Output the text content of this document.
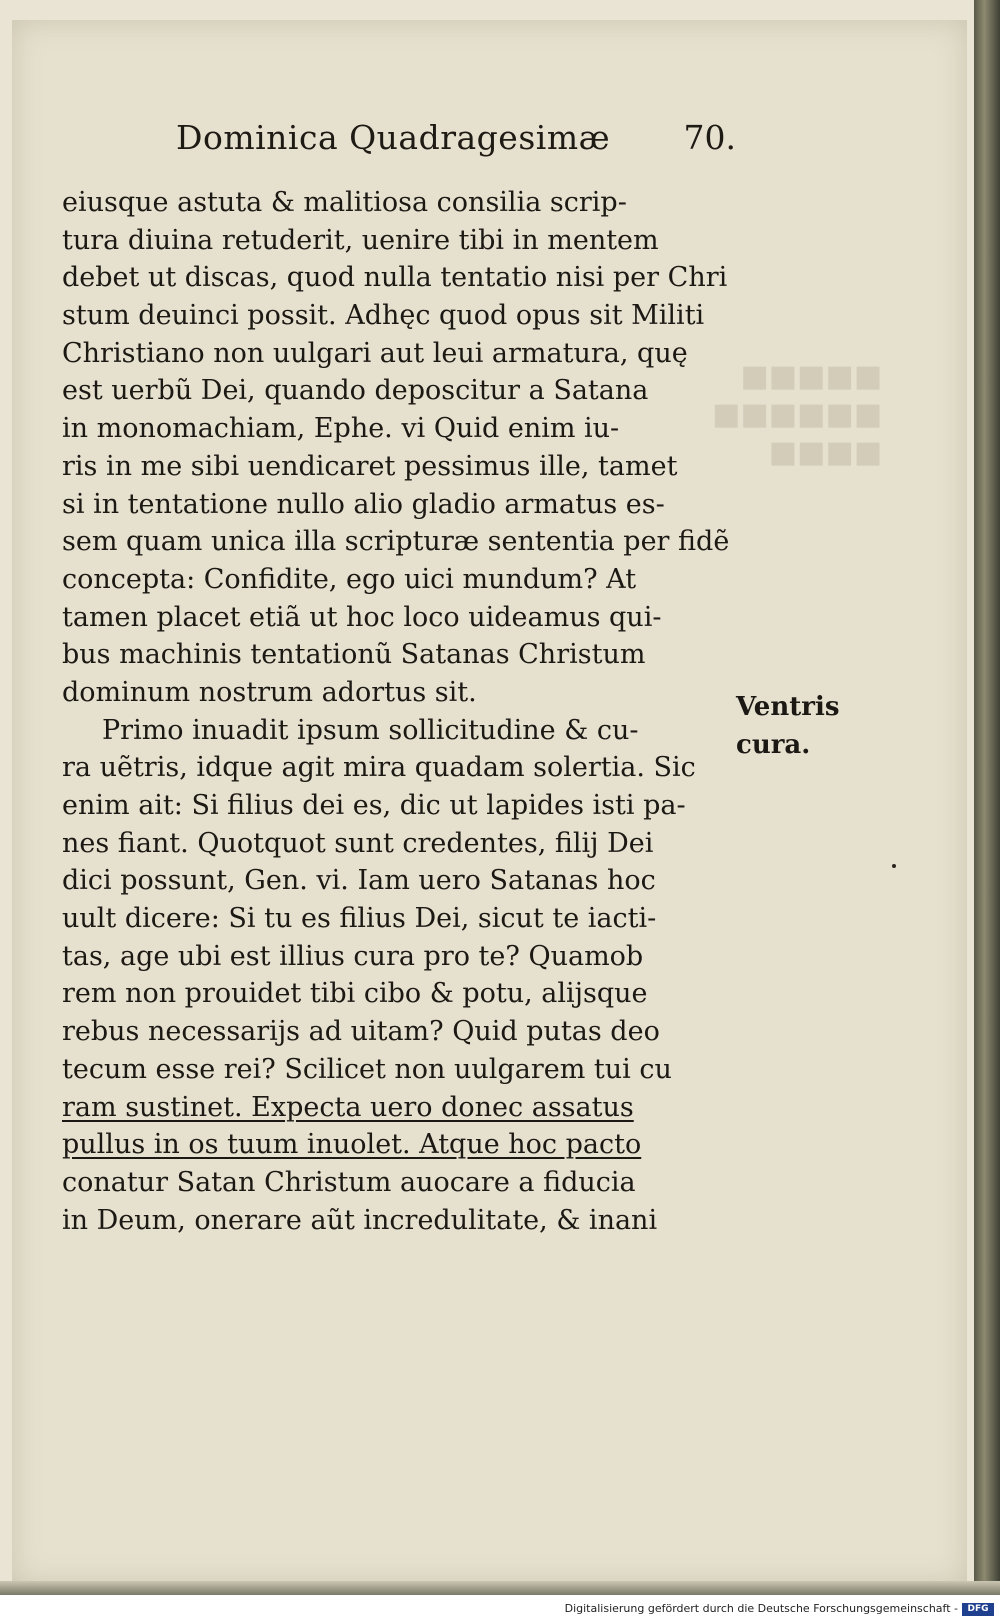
■■■■■
■■■■■■
■■■■

Dominica Quadragesimæ 70.
eiusque astuta & malitiosa consilia scrip-
tura diuina retuderit, uenire tibi in mentem
debet ut discas, quod nulla tentatio nisi per Chri
stum deuinci possit. Adhęc quod opus sit Militi
Christiano non uulgari aut leui armatura, quę
est uerbũ Dei, quando deposcitur a Satana
in monomachiam, Ephe. vi Quid enim iu-
ris in me sibi uendicaret pessimus ille, tamet
si in tentatione nullo alio gladio armatus es-
sem quam unica illa scripturæ sententia per fidẽ
concepta: Confidite, ego uici mundum? At
tamen placet etiã ut hoc loco uideamus qui-
bus machinis tentationũ Satanas Christum
dominum nostrum adortus sit.
Primo inuadit ipsum sollicitudine & cu-
ra uẽtris, idque agit mira quadam solertia. Sic
enim ait: Si filius dei es, dic ut lapides isti pa-
nes fiant. Quotquot sunt credentes, filij Dei
dici possunt, Gen. vi. Iam uero Satanas hoc
uult dicere: Si tu es filius Dei, sicut te iacti-
tas, age ubi est illius cura pro te? Quamob
rem non prouidet tibi cibo & potu, alijsque
rebus necessarijs ad uitam? Quid putas deo
tecum esse rei? Scilicet non uulgarem tui cu
ram sustinet. Expecta uero donec assatus
pullus in os tuum inuolet. Atque hoc pacto
conatur Satan Christum auocare a fiducia
in Deum, onerare aũt incredulitate, & inani
Ventris
cura.
Digitalisierung gefördert durch die Deutsche Forschungsgemeinschaft -	DFG
